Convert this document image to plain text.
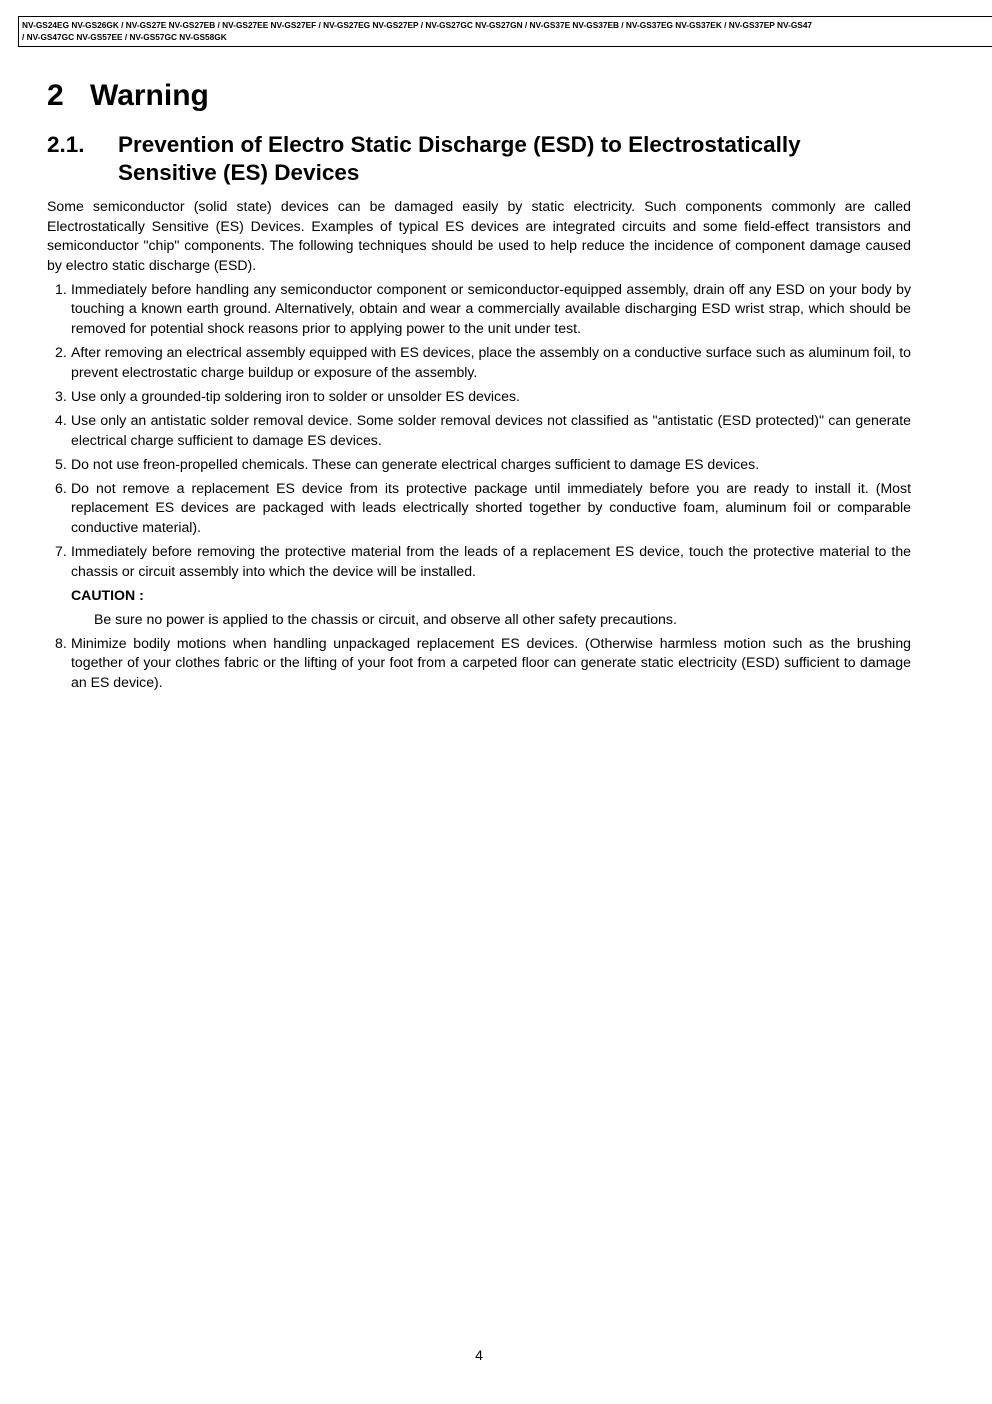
NV-GS24EG NV-GS26GK / NV-GS27E NV-GS27EB / NV-GS27EE NV-GS27EF / NV-GS27EG NV-GS27EP / NV-GS27GC NV-GS27GN / NV-GS37E NV-GS37EB / NV-GS37EG NV-GS37EK / NV-GS37EP NV-GS47
/ NV-GS47GC NV-GS57EE / NV-GS57GC NV-GS58GK
2 Warning
2.1. Prevention of Electro Static Discharge (ESD) to Electrostatically Sensitive (ES) Devices

Some semiconductor (solid state) devices can be damaged easily by static electricity. Such components commonly are called Electrostatically Sensitive (ES) Devices. Examples of typical ES devices are integrated circuits and some field-effect transistors and semiconductor "chip" components. The following techniques should be used to help reduce the incidence of component damage caused by electro static discharge (ESD).

1. Immediately before handling any semiconductor component or semiconductor-equipped assembly, drain off any ESD on your body by touching a known earth ground. Alternatively, obtain and wear a commercially available discharging ESD wrist strap, which should be removed for potential shock reasons prior to applying power to the unit under test.
2. After removing an electrical assembly equipped with ES devices, place the assembly on a conductive surface such as aluminum foil, to prevent electrostatic charge buildup or exposure of the assembly.
3. Use only a grounded-tip soldering iron to solder or unsolder ES devices.
4. Use only an antistatic solder removal device. Some solder removal devices not classified as "antistatic (ESD protected)" can generate electrical charge sufficient to damage ES devices.
5. Do not use freon-propelled chemicals. These can generate electrical charges sufficient to damage ES devices.
6. Do not remove a replacement ES device from its protective package until immediately before you are ready to install it. (Most replacement ES devices are packaged with leads electrically shorted together by conductive foam, aluminum foil or comparable conductive material).
7. Immediately before removing the protective material from the leads of a replacement ES device, touch the protective material to the chassis or circuit assembly into which the device will be installed.
CAUTION :
Be sure no power is applied to the chassis or circuit, and observe all other safety precautions.
8. Minimize bodily motions when handling unpackaged replacement ES devices. (Otherwise harmless motion such as the brushing together of your clothes fabric or the lifting of your foot from a carpeted floor can generate static electricity (ESD) sufficient to damage an ES device).
4
